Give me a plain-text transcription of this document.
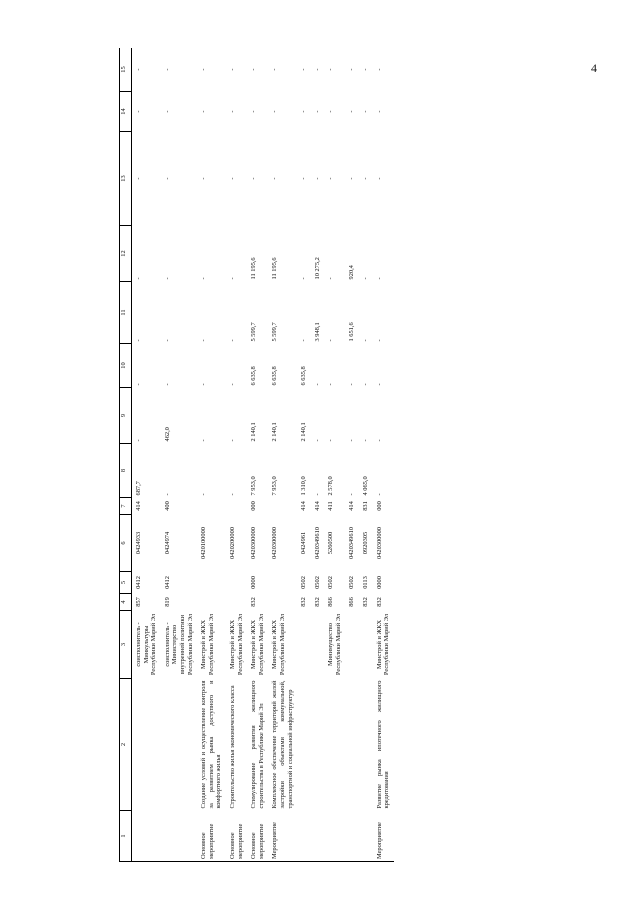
4
1	2	3	4	5	6	7	8	9	10	11	12	13	14	15
		соисполнитель - Минкультуры Республики Марий Эл	857	0412	0424933	414	687,7	-	-	-	-	-	-	-
		соисполнитель - Министерство внутренней политики Республики Марий Эл	819	0412	0424974	400	-	462,0	-	-	-	-	-	-
Основное мероприятие	Создание условий и осуществление контроля за развитием рынка доступного и комфортного жилья	Минстрой и ЖКХ Республики Марий Эл			0420100000		-	-	-	-	-	-	-	-
Основное мероприятие	Строительство жилья экономического класса	Минстрой и ЖКХ Республики Марий Эл			0420200000		-	-	-	-	-	-	-	-
Основное мероприятие	Стимулирование развития жилищного строительства в Республике Марий Эл	Минстрой и ЖКХ Республики Марий Эл	832	0000	0420300000	000	7 953,0	2 140,1	6 635,8	5 599,7	11 195,6	-	-	-
Мероприятие	Комплексное обеспечение территорий жилой застройки объектами коммунальной, транспортной и социальной инфраструктур	Минстрой и ЖКХ Республики Марий Эл			0420300000		7 953,0	2 140,1	6 635,8	5 599,7	11 195,6	-	-	-
			832	0502	0424961	414	1 310,0	2 140,1	6 635,8	-	-	-	-	-
			832	0502	0420349610	414	-	-	-	3 948,1	10 275,2	-	-	-
		Минимущество Республики Марий Эл	866	0502	5260500	411	2 578,0	-	-	-	-	-	-	-
			866	0502	0420349610	414	-	-	-	1 651,6	920,4	-	-	-
			832	0113	0920305	831	4 065,0	-	-	-	-	-	-	-
Мероприятие	Развитие рынка ипотечного жилищного кредитования	Минстрой и ЖКХ Республики Марий Эл	832	0000	0420300000	000	-	-	-	-	-	-	-	-
